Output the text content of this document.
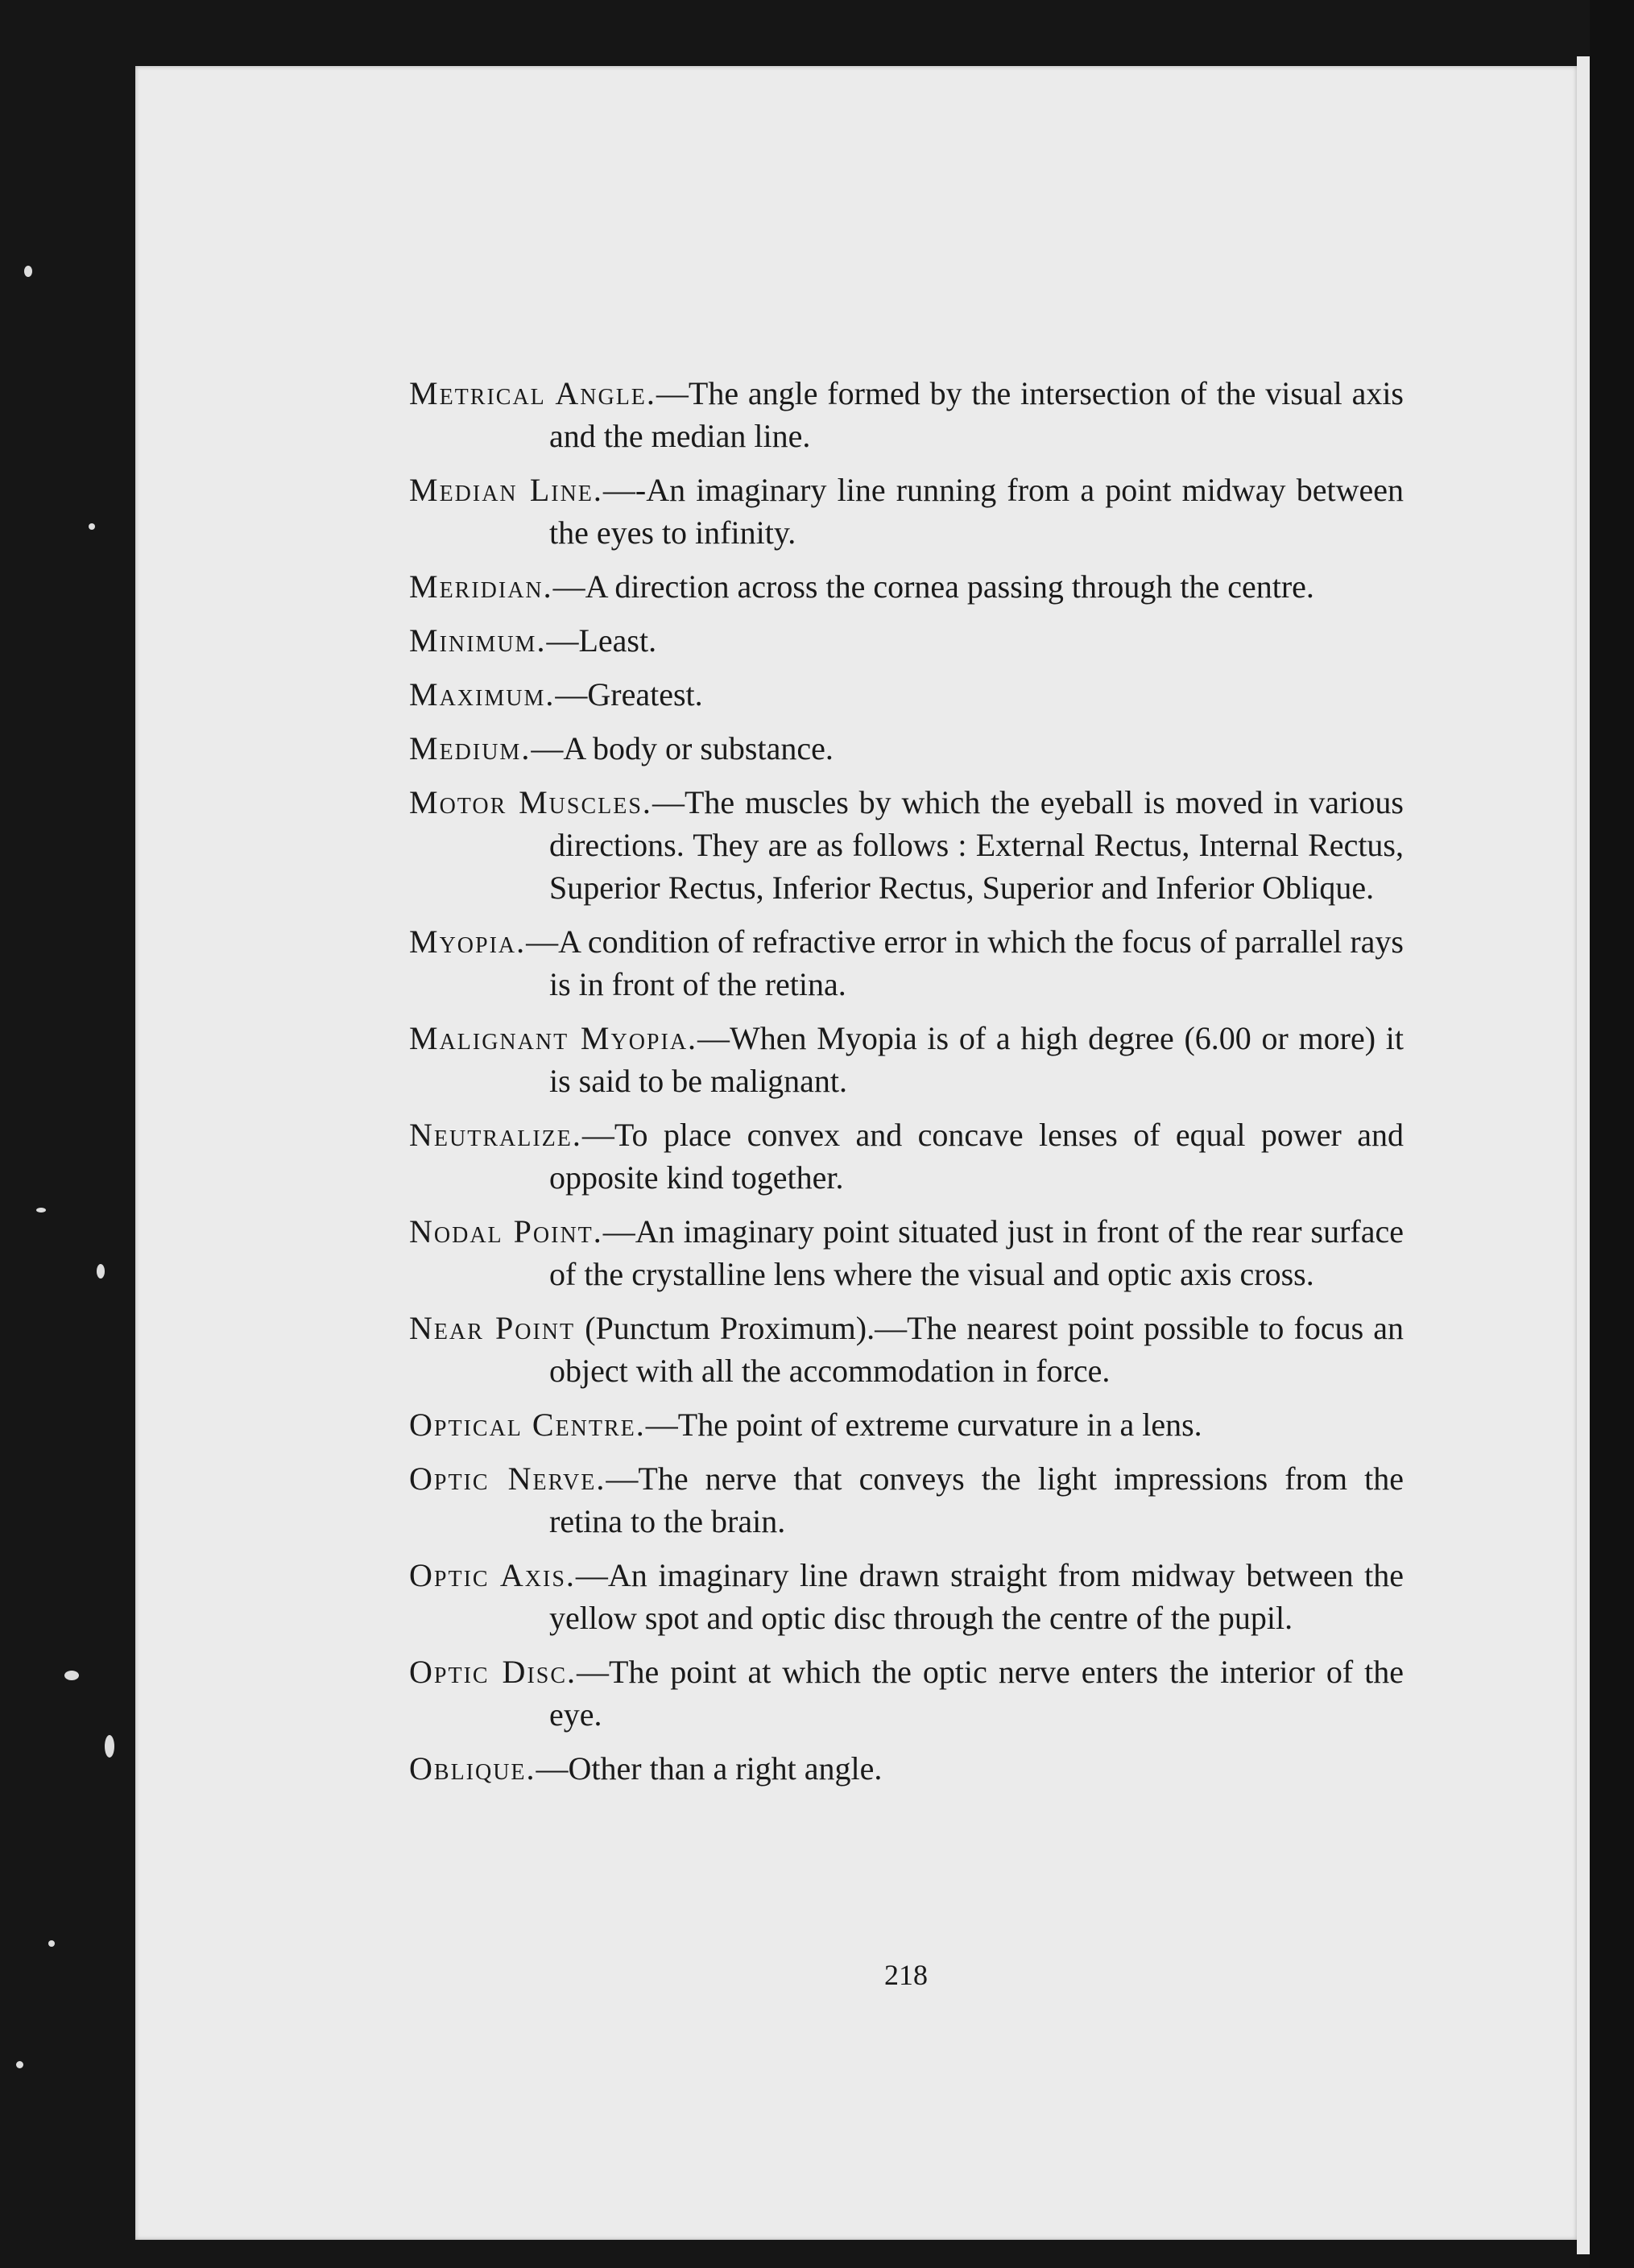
Metrical Angle.—The angle formed by the intersection of the visual axis and the median line.

Median Line.—-An imaginary line running from a point midway between the eyes to infinity.

Meridian.—A direction across the cornea passing through the centre.

Minimum.—Least.

Maximum.—Greatest.

Medium.—A body or substance.

Motor Muscles.—The muscles by which the eyeball is moved in various directions. They are as follows : External Rectus, Internal Rectus, Superior Rectus, Inferior Rectus, Superior and Inferior Oblique.

Myopia.—A condition of refractive error in which the focus of parrallel rays is in front of the retina.

Malignant Myopia.—When Myopia is of a high degree (6.00 or more) it is said to be malignant.

Neutralize.—To place convex and concave lenses of equal power and opposite kind together.

Nodal Point.—An imaginary point situated just in front of the rear surface of the crystalline lens where the visual and optic axis cross.

Near Point (Punctum Proximum).—The nearest point possible to focus an object with all the accommodation in force.

Optical Centre.—The point of extreme curvature in a lens.

Optic Nerve.—The nerve that conveys the light impressions from the retina to the brain.

Optic Axis.—An imaginary line drawn straight from midway between the yellow spot and optic disc through the centre of the pupil.

Optic Disc.—The point at which the optic nerve enters the interior of the eye.

Oblique.—Other than a right angle.

218
